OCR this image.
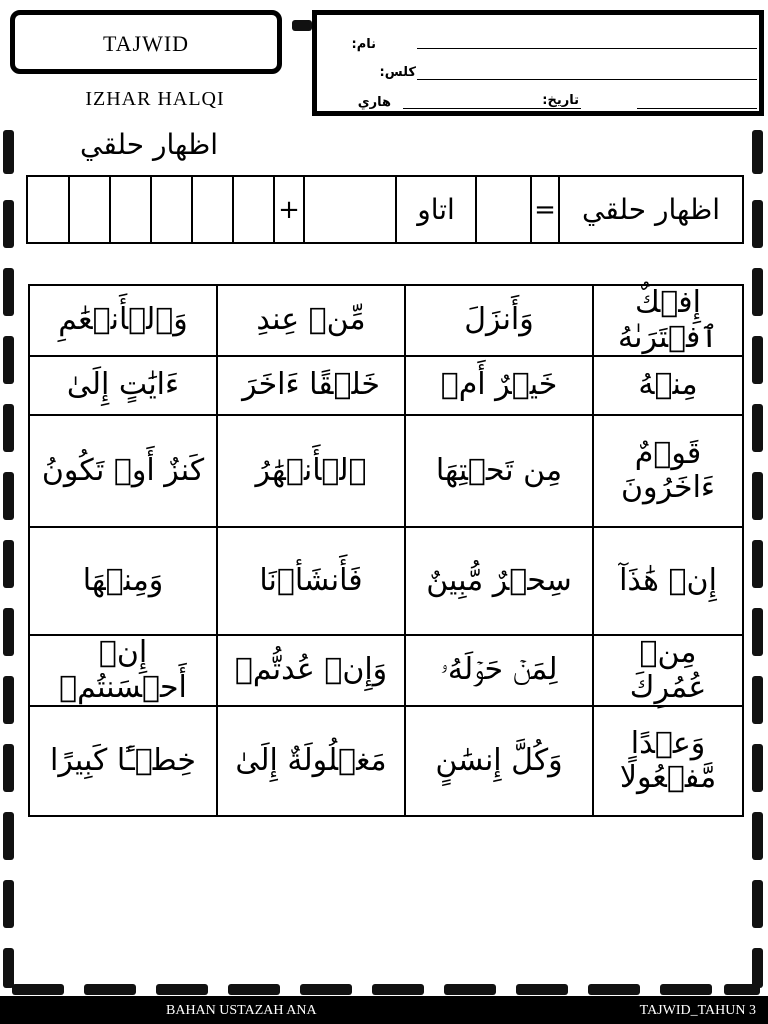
TAJWID
IZHAR HALQI
:نام
:كلس
:تاريخ
هاري
اظهار حلقي
+	اتاو	= اظهار حلقي
وَٱلۡأَنۡعَٰمِ	مِّنۡ عِندِ	وَأَنزَلَ	إِفۡكٌ ٱفۡتَرَىٰهُ
ءَايَٰتٍ إِلَىٰ	خَلۡقًا ءَاخَرَ	خَيۡرٌ أَمۡ	مِنۡهُ
كَنزٌ أَوۡ تَكُونُ	ٱلۡأَنۡهَٰرُ	مِن تَحۡتِهَا	قَوۡمٌ ءَاخَرُونَ
وَمِنۡهَا	فَأَنشَأۡنَا	سِحۡرٌ مُّبِينٌ	إِنۡ هَٰذَآ
إِنۡ أَحۡسَنتُمۡ	وَإِنۡ عُدتُّمۡ	لِمَنۡ حَوۡلَهُۥ	مِنۡ عُمُرِكَ
خِطۡـًٔا كَبِيرًا	مَغۡلُولَةٌ إِلَىٰ	وَكُلَّ إِنسَٰنٍ	وَعۡدًا مَّفۡعُولًا
BAHAN USTAZAH ANA	TAJWID_TAHUN 3
